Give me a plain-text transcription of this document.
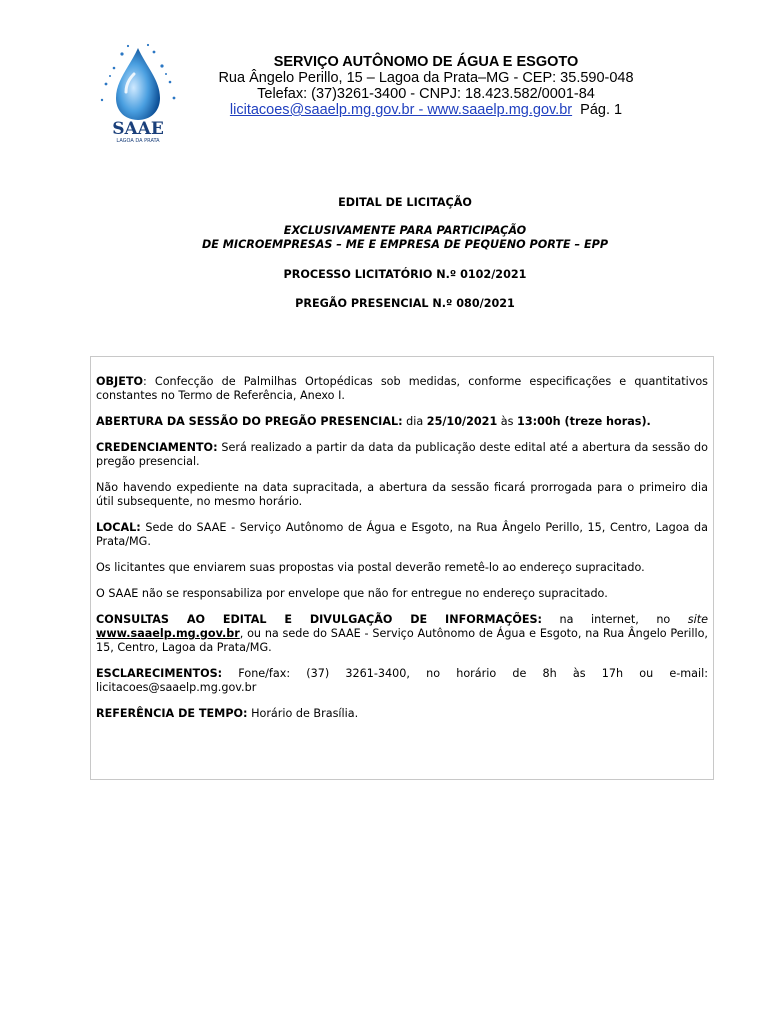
SAAE
LAGOA DA PRATA
SERVIÇO AUTÔNOMO DE ÁGUA E ESGOTO
Rua Ângelo Perillo, 15 – Lagoa da Prata–MG - CEP: 35.590-048
Telefax: (37)3261-3400 - CNPJ: 18.423.582/0001-84
licitacoes@saaelp.mg.gov.br - www.saaelp.mg.gov.br Pág. 1
EDITAL DE LICITAÇÃO
EXCLUSIVAMENTE PARA PARTICIPAÇÃO
DE MICROEMPRESAS – ME E EMPRESA DE PEQUENO PORTE – EPP
PROCESSO LICITATÓRIO N.º 0102/2021
PREGÃO PRESENCIAL N.º 080/2021

OBJETO: Confecção de Palmilhas Ortopédicas sob medidas, conforme especificações e quantitativos constantes no Termo de Referência, Anexo I.

ABERTURA DA SESSÃO DO PREGÃO PRESENCIAL: dia 25/10/2021 às 13:00h (treze horas).

CREDENCIAMENTO: Será realizado a partir da data da publicação deste edital até a abertura da sessão do pregão presencial.

Não havendo expediente na data supracitada, a abertura da sessão ficará prorrogada para o primeiro dia útil subsequente, no mesmo horário.

LOCAL: Sede do SAAE - Serviço Autônomo de Água e Esgoto, na Rua Ângelo Perillo, 15, Centro, Lagoa da Prata/MG.

Os licitantes que enviarem suas propostas via postal deverão remetê-lo ao endereço supracitado.

O SAAE não se responsabiliza por envelope que não for entregue no endereço supracitado.

CONSULTAS AO EDITAL E DIVULGAÇÃO DE INFORMAÇÕES: na internet, no site www.saaelp.mg.gov.br, ou na sede do SAAE - Serviço Autônomo de Água e Esgoto, na Rua Ângelo Perillo, 15, Centro, Lagoa da Prata/MG.

ESCLARECIMENTOS: Fone/fax: (37) 3261-3400, no horário de 8h às 17h ou e-mail: licitacoes@saaelp.mg.gov.br

REFERÊNCIA DE TEMPO: Horário de Brasília.
